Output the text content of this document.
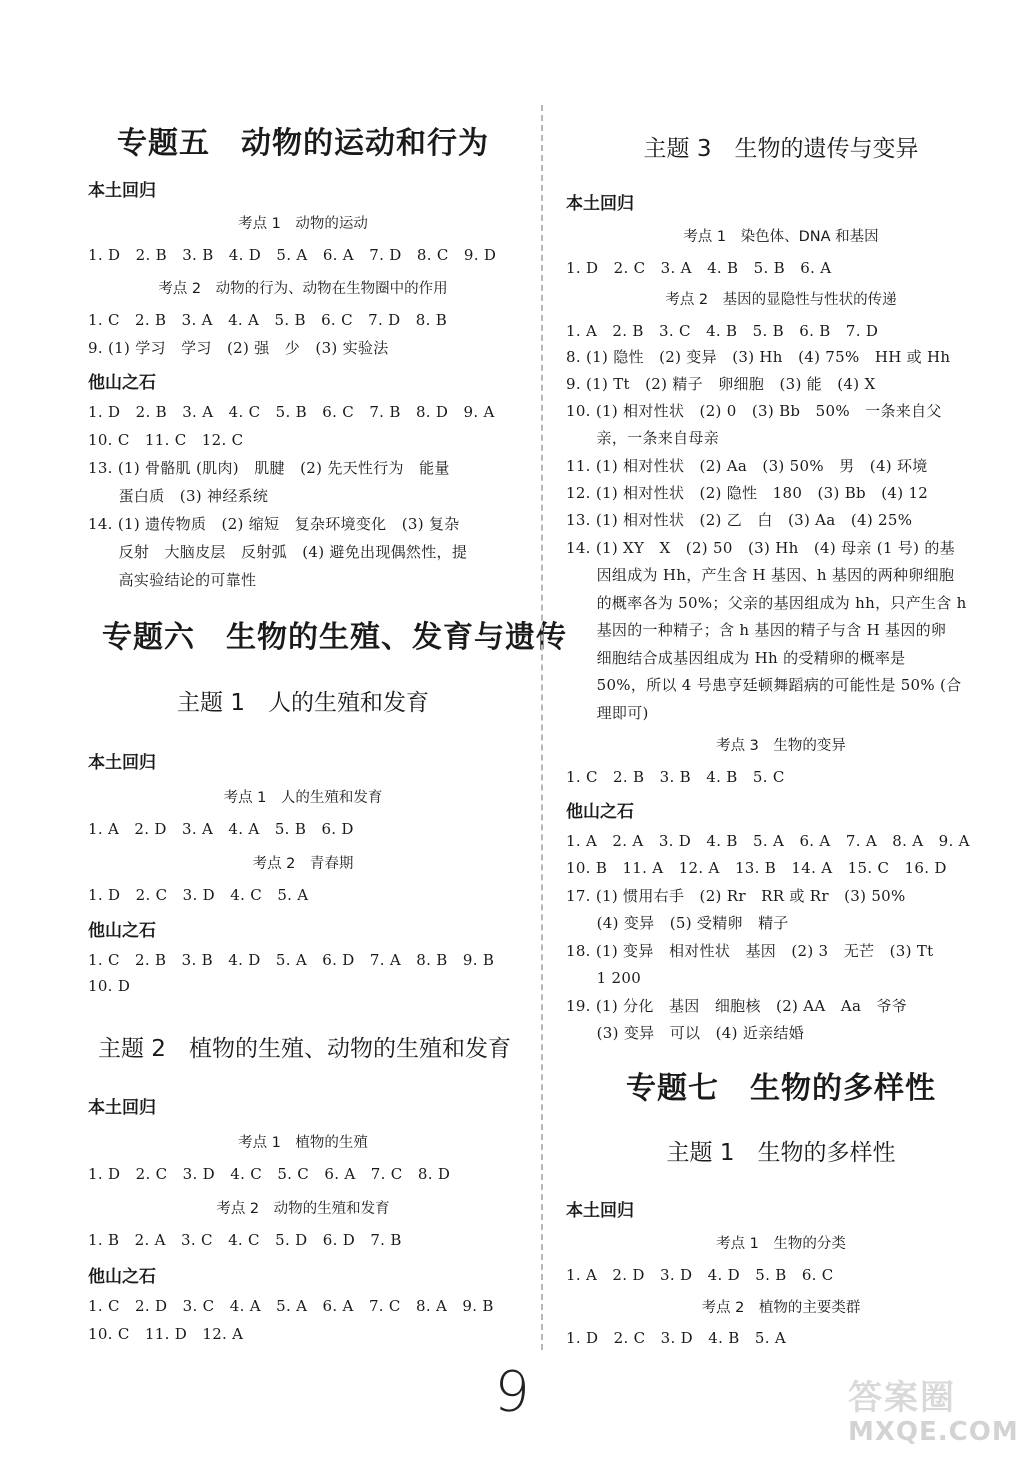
专题五　动物的运动和行为
本土回归
考点 1　动物的运动
1. D　2. B　3. B　4. D　5. A　6. A　7. D　8. C　9. D
考点 2　动物的行为、动物在生物圈中的作用
1. C　2. B　3. A　4. A　5. B　6. C　7. D　8. B
9. (1) 学习　学习　(2) 强　少　(3) 实验法
他山之石
1. D　2. B　3. A　4. C　5. B　6. C　7. B　8. D　9. A
10. C　11. C　12. C
13. (1) 骨骼肌 (肌肉)　肌腱　(2) 先天性行为　能量
　　蛋白质　(3) 神经系统
14. (1) 遗传物质　(2) 缩短　复杂环境变化　(3) 复杂
　　反射　大脑皮层　反射弧　(4) 避免出现偶然性，提
　　高实验结论的可靠性
专题六　生物的生殖、发育与遗传
主题 1　人的生殖和发育
本土回归
考点 1　人的生殖和发育
1. A　2. D　3. A　4. A　5. B　6. D
考点 2　青春期
1. D　2. C　3. D　4. C　5. A
他山之石
1. C　2. B　3. B　4. D　5. A　6. D　7. A　8. B　9. B
10. D
主题 2　植物的生殖、动物的生殖和发育
本土回归
考点 1　植物的生殖
1. D　2. C　3. D　4. C　5. C　6. A　7. C　8. D
考点 2　动物的生殖和发育
1. B　2. A　3. C　4. C　5. D　6. D　7. B
他山之石
1. C　2. D　3. C　4. A　5. A　6. A　7. C　8. A　9. B
10. C　11. D　12. A
主题 3　生物的遗传与变异
本土回归
考点 1　染色体、DNA 和基因
1. D　2. C　3. A　4. B　5. B　6. A
考点 2　基因的显隐性与性状的传递
1. A　2. B　3. C　4. B　5. B　6. B　7. D
8. (1) 隐性　(2) 变异　(3) Hh　(4) 75%　HH 或 Hh
9. (1) Tt　(2) 精子　卵细胞　(3) 能　(4) X
10. (1) 相对性状　(2) 0　(3) Bb　50%　一条来自父
　　亲，一条来自母亲
11. (1) 相对性状　(2) Aa　(3) 50%　男　(4) 环境
12. (1) 相对性状　(2) 隐性　180　(3) Bb　(4) 12
13. (1) 相对性状　(2) 乙　白　(3) Aa　(4) 25%
14. (1) XY　X　(2) 50　(3) Hh　(4) 母亲 (1 号) 的基
　　因组成为 Hh，产生含 H 基因、h 基因的两种卵细胞
　　的概率各为 50%；父亲的基因组成为 hh，只产生含 h
　　基因的一种精子；含 h 基因的精子与含 H 基因的卵
　　细胞结合成基因组成为 Hh 的受精卵的概率是
　　50%，所以 4 号患亨廷顿舞蹈病的可能性是 50% (合
　　理即可)
考点 3　生物的变异
1. C　2. B　3. B　4. B　5. C
他山之石
1. A　2. A　3. D　4. B　5. A　6. A　7. A　8. A　9. A
10. B　11. A　12. A　13. B　14. A　15. C　16. D
17. (1) 惯用右手　(2) Rr　RR 或 Rr　(3) 50%
　　(4) 变异　(5) 受精卵　精子
18. (1) 变异　相对性状　基因　(2) 3　无芒　(3) Tt
　　1 200
19. (1) 分化　基因　细胞核　(2) AA　Aa　爷爷
　　(3) 变异　可以　(4) 近亲结婚
专题七　生物的多样性
主题 1　生物的多样性
本土回归
考点 1　生物的分类
1. A　2. D　3. D　4. D　5. B　6. C
考点 2　植物的主要类群
1. D　2. C　3. D　4. B　5. A
9	答案圈
MXQE.COM
